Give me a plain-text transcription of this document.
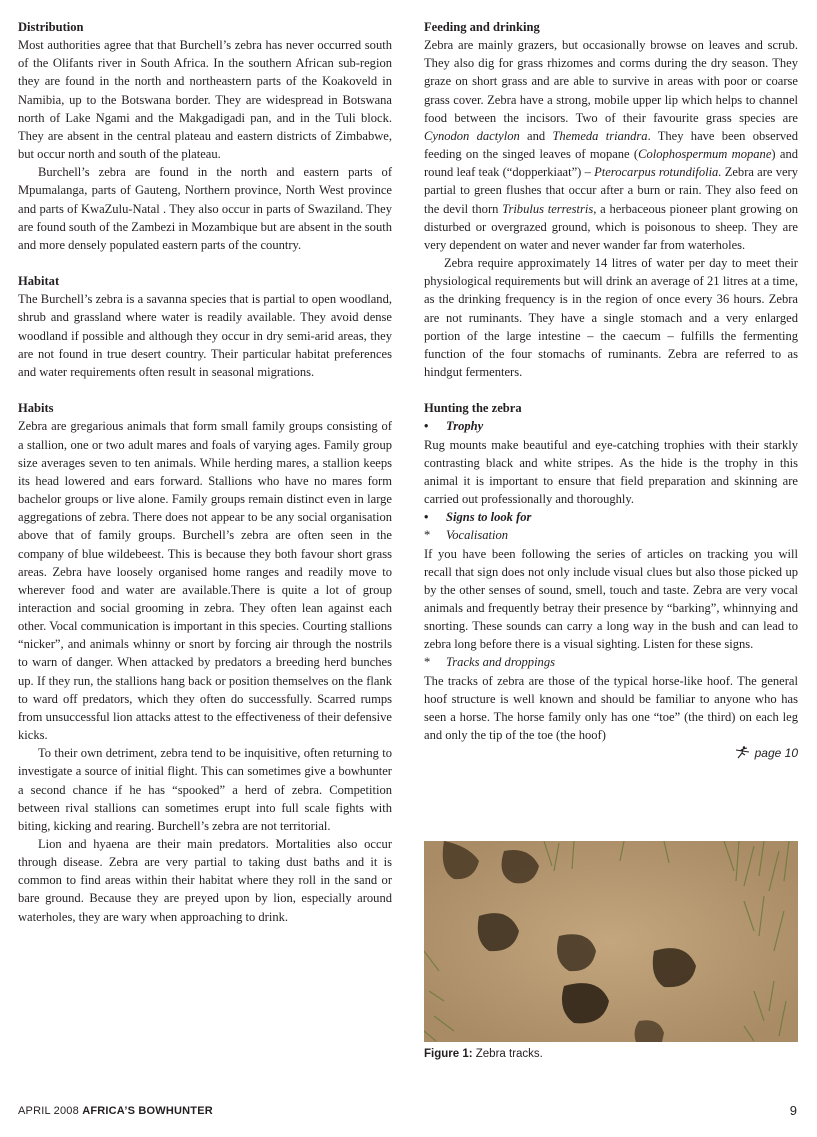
Distribution

Most authorities agree that that Burchell’s zebra has never occurred south of the Olifants river in South Africa. In the southern African sub-region they are found in the north and northeastern parts of the Koakoveld in Namibia, up to the Botswana border. They are widespread in Botswana north of Lake Ngami and the Makgadigadi pan, and in the Tuli block. They are absent in the central plateau and eastern districts of Zimbabwe, but occur north and south of the plateau.

Burchell’s zebra are found in the north and eastern parts of Mpumalanga, parts of Gauteng, Northern province, North West province and parts of KwaZulu-Natal . They also occur in parts of Swaziland. They are found south of the Zambezi in Mozambique but are absent in the south and more densely populated eastern parts of the country.

Habitat

The Burchell’s zebra is a savanna species that is partial to open woodland, shrub and grassland where water is readily available. They avoid dense woodland if possible and although they occur in dry semi-arid areas, they are not found in true desert country. Their particular habitat preferences and water requirements often result in seasonal migrations.

Habits

Zebra are gregarious animals that form small family groups consisting of a stallion, one or two adult mares and foals of varying ages. Family group size averages seven to ten animals. While herding mares, a stallion keeps its head lowered and ears forward. Stallions who have no mares form bachelor groups or live alone. Family groups remain distinct even in large aggregations of zebra. There does not appear to be any social organisation above that of family groups. Burchell’s zebra are often seen in the company of blue wildebeest. This is because they both favour short grass areas. Zebra have loosely organised home ranges and readily move to wherever food and water are available.There is quite a lot of group interaction and social grooming in zebra. They often lean against each other. Vocal communication is important in this species. Courting stallions “nicker”, and animals whinny or snort by forcing air through the nostrils to warn of danger. When attacked by predators a breeding herd bunches up. If they run, the stallions hang back or position themselves on the flank to ward off predators, which they often do successfully. Scarred rumps from unsuccessful lion attacks attest to the effectiveness of their defensive kicks.

To their own detriment, zebra tend to be inquisitive, often returning to investigate a source of initial flight. This can sometimes give a bowhunter a second chance if he has “spooked” a herd of zebra. Competition between rival stallions can sometimes erupt into full scale fights with biting, kicking and rearing. Burchell’s zebra are not territorial.

Lion and hyaena are their main predators. Mortalities also occur through disease. Zebra are very partial to taking dust baths and it is common to find areas within their habitat where they roll in the sand or bare ground. Because they are preyed upon by lion, especially around waterholes, they are wary when approaching to drink.

Feeding and drinking

Zebra are mainly grazers, but occasionally browse on leaves and scrub. They also dig for grass rhizomes and corms during the dry season. They graze on short grass and are able to survive in areas with poor or coarse grass cover. Zebra have a strong, mobile upper lip which helps to channel food between the incisors. Two of their favourite grass species are Cynodon dactylon and Themeda triandra. They have been observed feeding on the singed leaves of mopane (Colophospermum mopane) and round leaf teak (“dopperkiaat”) – Pterocarpus rotundifolia. Zebra are very partial to green flushes that occur after a burn or rain. They also feed on the devil thorn Tribulus terrestris, a herbaceous pioneer plant growing on disturbed or overgrazed ground, which is poisonous to sheep. They are very dependent on water and never wander far from waterholes.

Zebra require approximately 14 litres of water per day to meet their physiological requirements but will drink an average of 21 litres at a time, as the drinking frequency is in the region of once every 36 hours. Zebra are not ruminants. They have a single stomach and a very enlarged portion of the large intestine – the caecum – fulfills the fermenting function of the four stomachs of ruminants. Zebra are referred to as hindgut fermenters.

Hunting the zebra
• Trophy

Rug mounts make beautiful and eye-catching trophies with their starkly contrasting black and white stripes. As the hide is the trophy in this animal it is important to ensure that field preparation and skinning are carried out professionally and thoroughly.

• Signs to look for
* Vocalisation

If you have been following the series of articles on tracking you will recall that sign does not only include visual clues but also those picked up by the other senses of sound, smell, touch and taste. Zebra are very vocal animals and frequently betray their presence by “barking”, whinnying and snorting. These sounds can carry a long way in the bush and can lead to zebra long before there is a visual sighting. Listen for these signs.

* Tracks and droppings

The tracks of zebra are those of the typical horse-like hoof. The general hoof structure is well known and should be familiar to anyone who has seen a horse. The horse family only has one “toe” (the third) on each leg and only the tip of the toe (the hoof)

page 10
Figure 1: Zebra tracks.
APRIL 2008 AFRICA’S BOWHUNTER	9
